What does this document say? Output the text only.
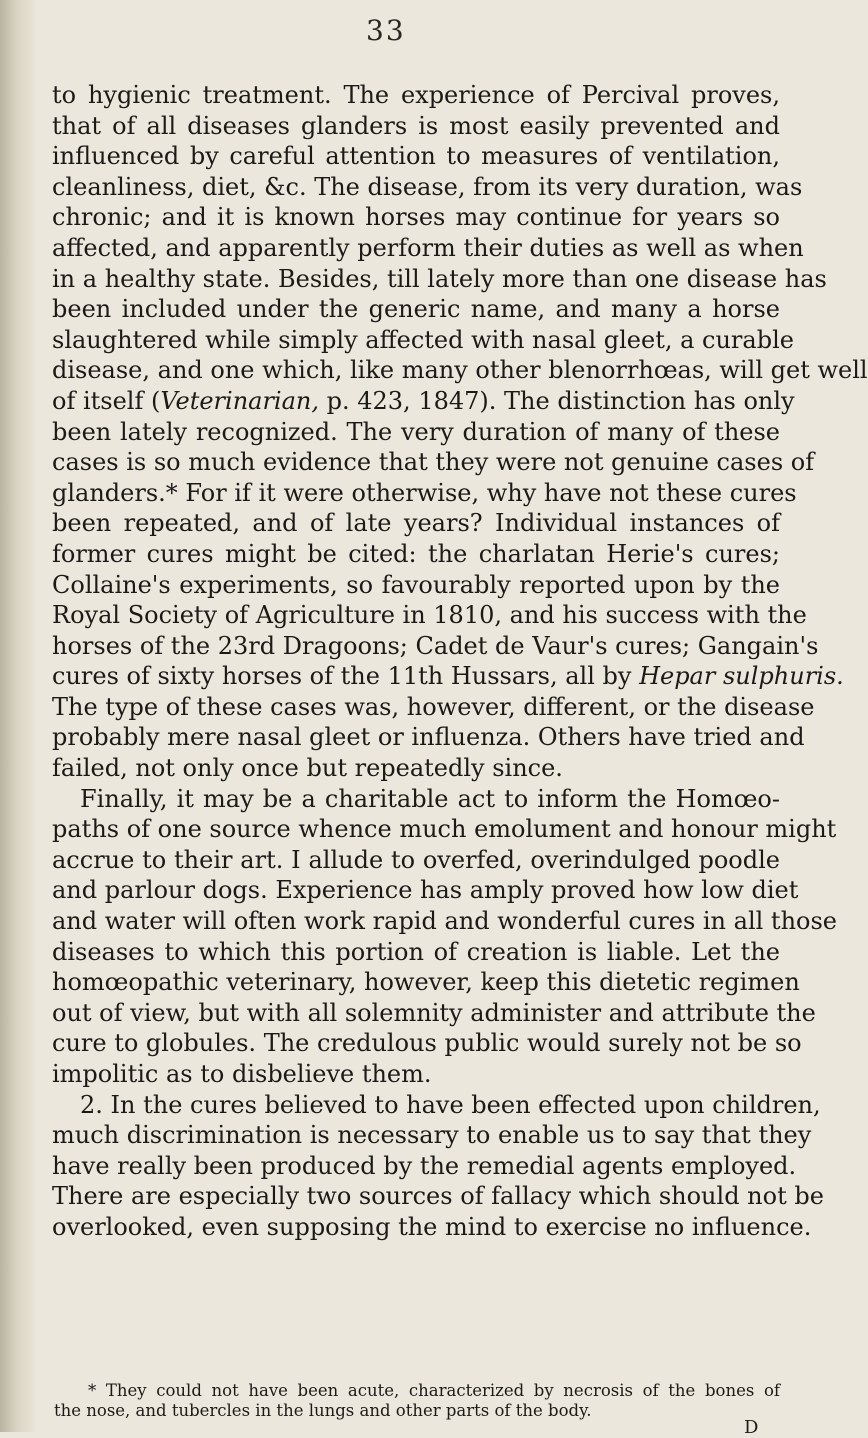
33
to hygienic treatment. The experience of Percival proves,
that of all diseases glanders is most easily prevented and
influenced by careful attention to measures of ventilation,
cleanliness, diet, &c. The disease, from its very duration, was
chronic; and it is known horses may continue for years so
affected, and apparently perform their duties as well as when
in a healthy state. Besides, till lately more than one disease has
been included under the generic name, and many a horse
slaughtered while simply affected with nasal gleet, a curable
disease, and one which, like many other blenorrhœas, will get well
of itself (Veterinarian, p. 423, 1847). The distinction has only
been lately recognized. The very duration of many of these
cases is so much evidence that they were not genuine cases of
glanders.* For if it were otherwise, why have not these cures
been repeated, and of late years? Individual instances of
former cures might be cited: the charlatan Herie's cures;
Collaine's experiments, so favourably reported upon by the
Royal Society of Agriculture in 1810, and his success with the
horses of the 23rd Dragoons; Cadet de Vaur's cures; Gangain's
cures of sixty horses of the 11th Hussars, all by Hepar sulphuris.
The type of these cases was, however, different, or the disease
probably mere nasal gleet or influenza. Others have tried and
failed, not only once but repeatedly since.
Finally, it may be a charitable act to inform the Homœo-
paths of one source whence much emolument and honour might
accrue to their art. I allude to overfed, overindulged poodle
and parlour dogs. Experience has amply proved how low diet
and water will often work rapid and wonderful cures in all those
diseases to which this portion of creation is liable. Let the
homœopathic veterinary, however, keep this dietetic regimen
out of view, but with all solemnity administer and attribute the
cure to globules. The credulous public would surely not be so
impolitic as to disbelieve them.
2. In the cures believed to have been effected upon children,
much discrimination is necessary to enable us to say that they
have really been produced by the remedial agents employed.
There are especially two sources of fallacy which should not be
overlooked, even supposing the mind to exercise no influence.
* They could not have been acute, characterized by necrosis of the bones of
the nose, and tubercles in the lungs and other parts of the body.
D
